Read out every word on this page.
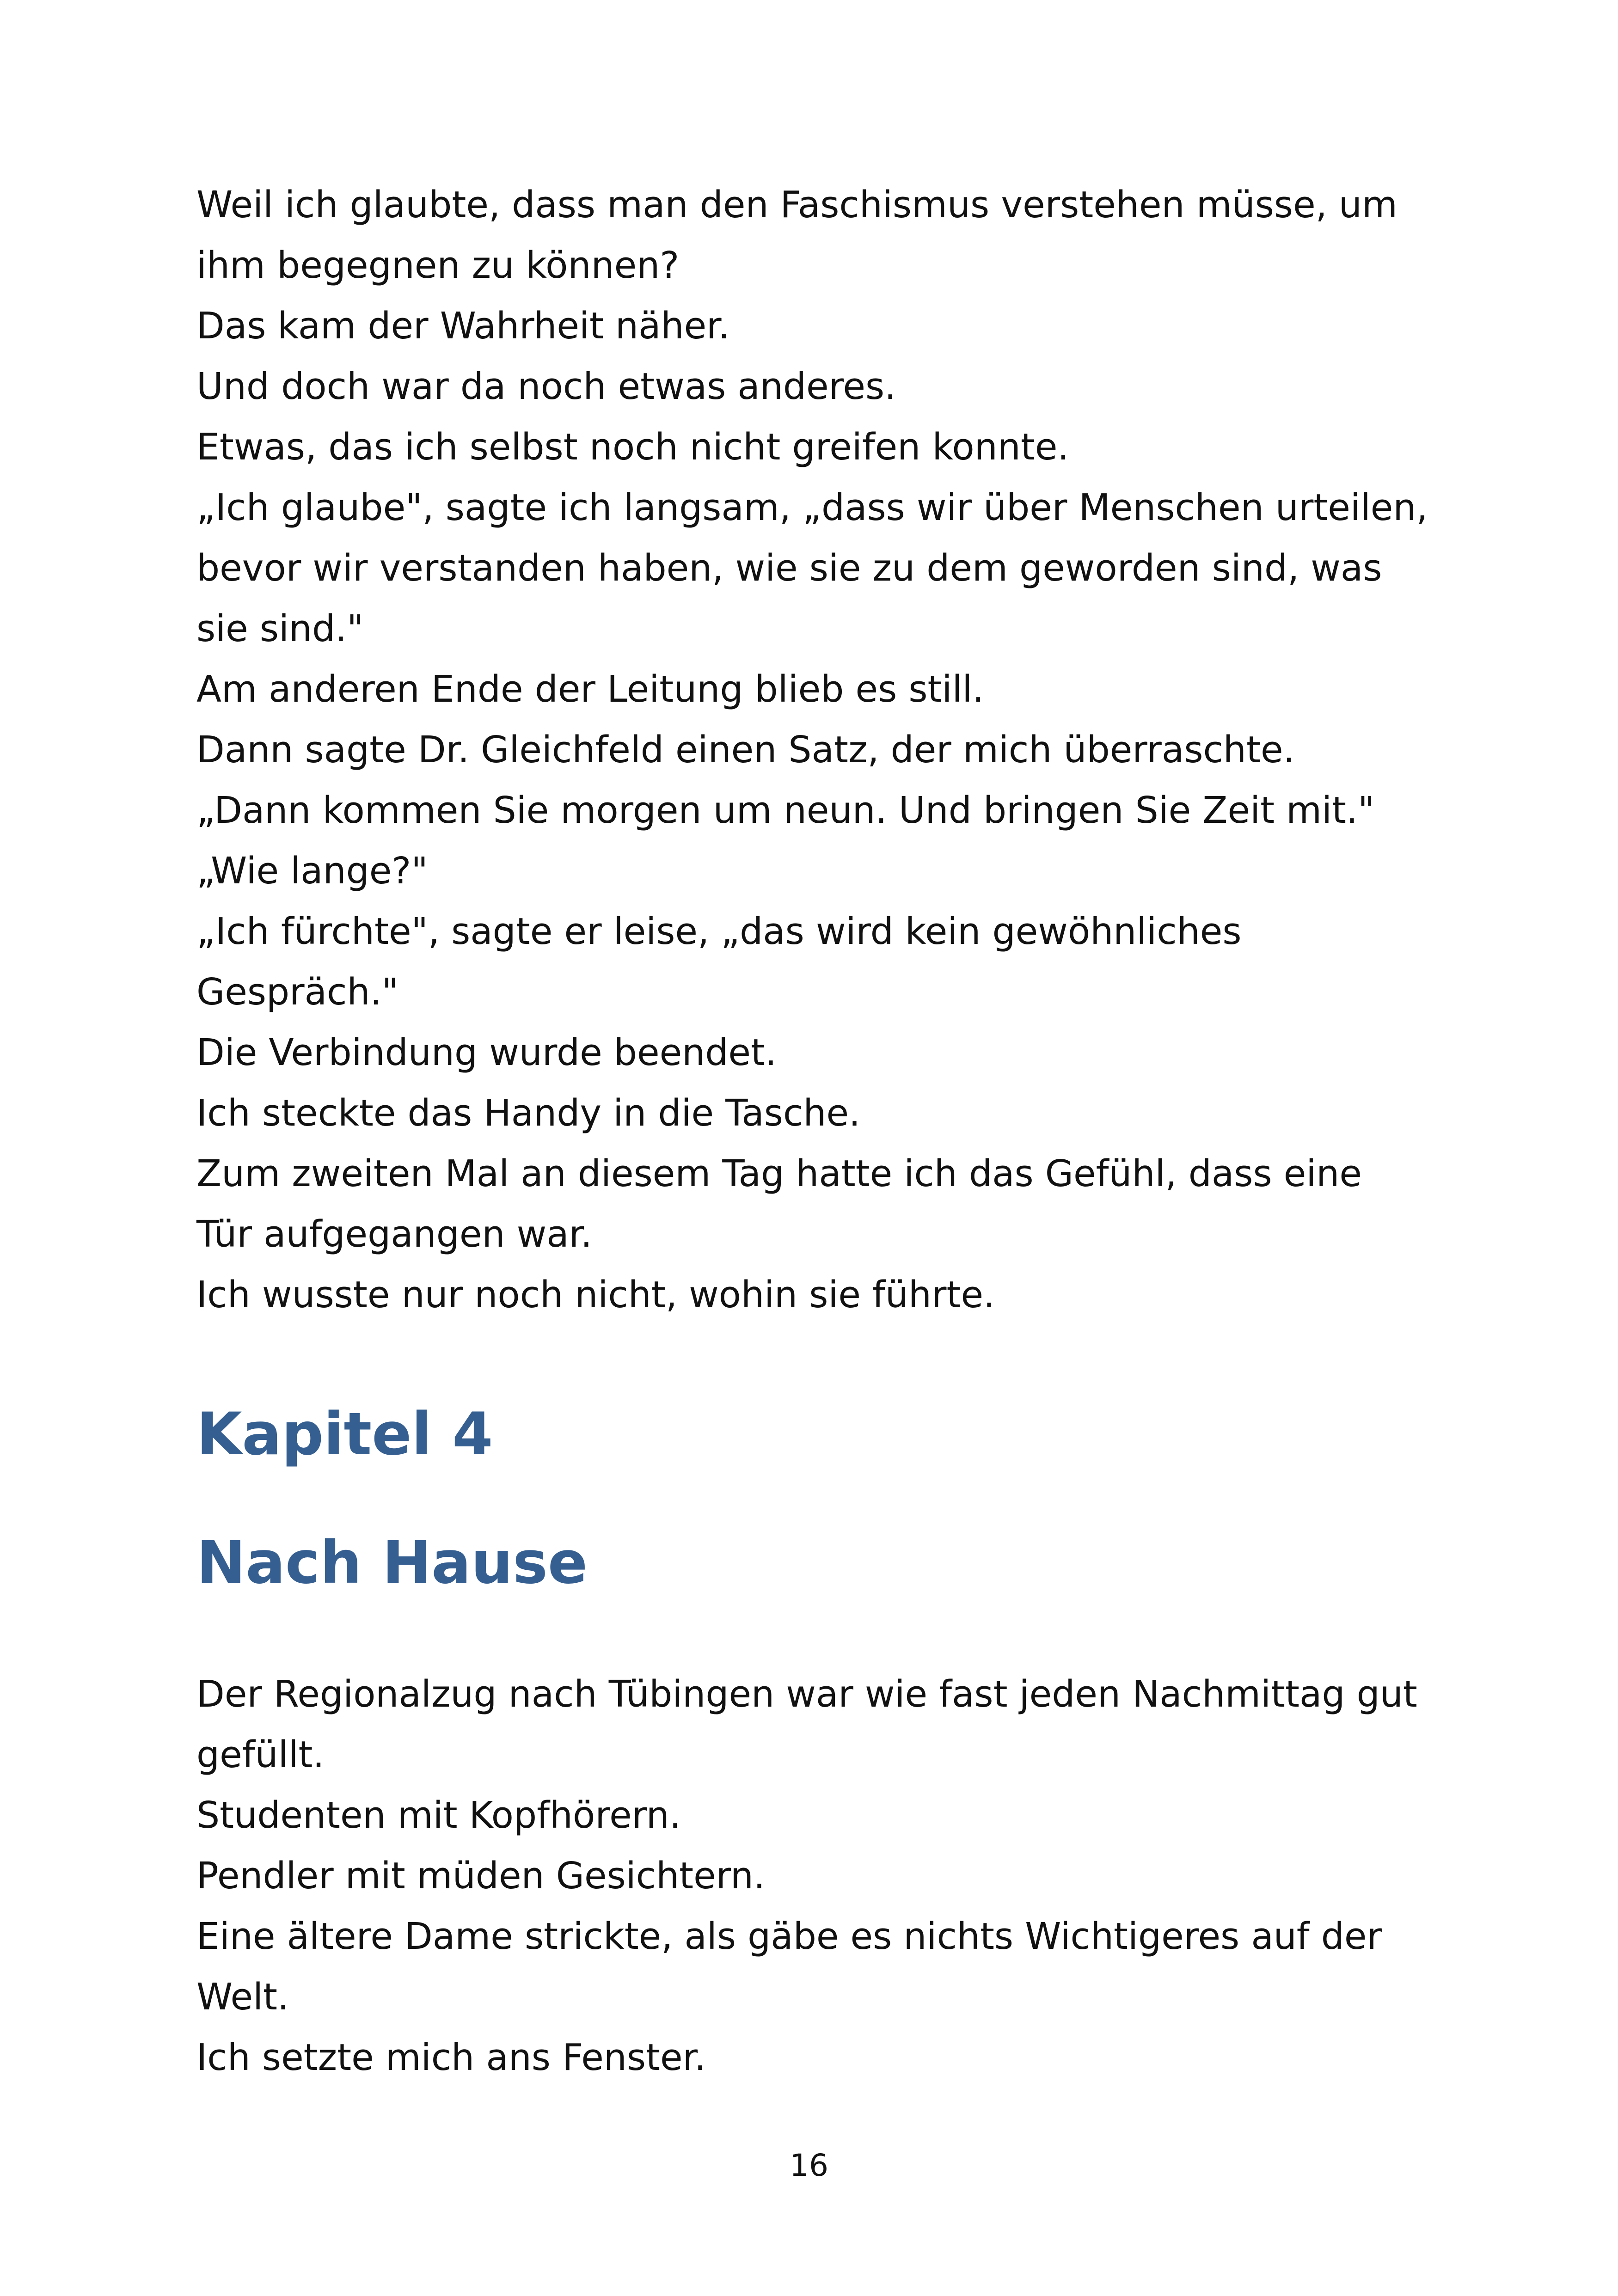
Weil ich glaubte, dass man den Faschismus verstehen müsse, um
ihm begegnen zu können?
Das kam der Wahrheit näher.
Und doch war da noch etwas anderes.
Etwas, das ich selbst noch nicht greifen konnte.
„Ich glaube", sagte ich langsam, „dass wir über Menschen urteilen,
bevor wir verstanden haben, wie sie zu dem geworden sind, was
sie sind."
Am anderen Ende der Leitung blieb es still.
Dann sagte Dr. Gleichfeld einen Satz, der mich überraschte.
„Dann kommen Sie morgen um neun. Und bringen Sie Zeit mit."
„Wie lange?"
„Ich fürchte", sagte er leise, „das wird kein gewöhnliches
Gespräch."
Die Verbindung wurde beendet.
Ich steckte das Handy in die Tasche.
Zum zweiten Mal an diesem Tag hatte ich das Gefühl, dass eine
Tür aufgegangen war.
Ich wusste nur noch nicht, wohin sie führte.
Kapitel 4
Nach Hause
Der Regionalzug nach Tübingen war wie fast jeden Nachmittag gut
gefüllt.
Studenten mit Kopfhörern.
Pendler mit müden Gesichtern.
Eine ältere Dame strickte, als gäbe es nichts Wichtigeres auf der
Welt.
Ich setzte mich ans Fenster.
16
